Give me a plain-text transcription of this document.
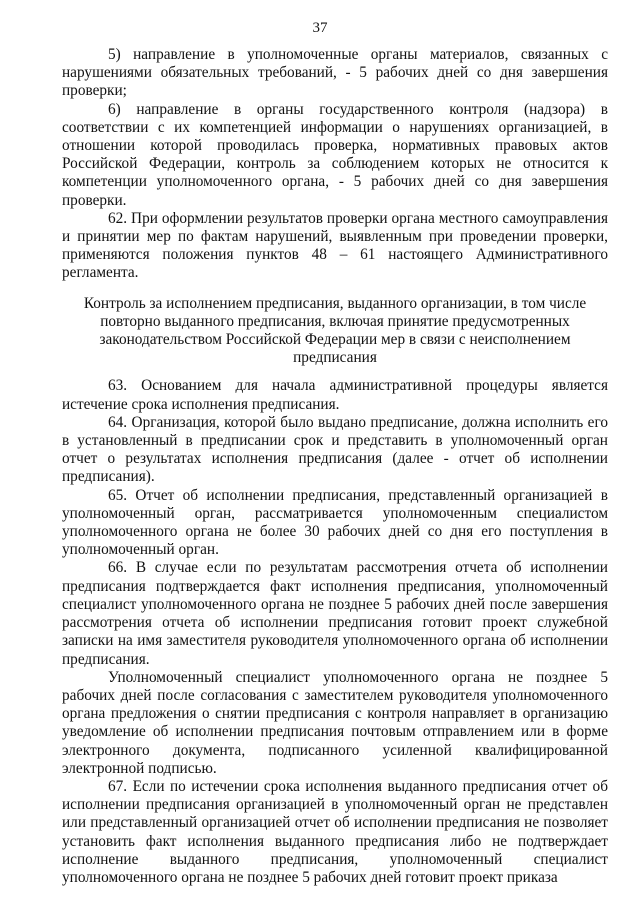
37

5) направление в уполномоченные органы материалов, связанных с нарушениями обязательных требований, - 5 рабочих дней со дня завершения проверки;

6) направление в органы государственного контроля (надзора) в соответствии с их компетенцией информации о нарушениях организацией, в отношении которой проводилась проверка, нормативных правовых актов Российской Федерации, контроль за соблюдением которых не относится к компетенции уполномоченного органа, - 5 рабочих дней со дня завершения проверки.

62. При оформлении результатов проверки органа местного самоуправления и принятии мер по фактам нарушений, выявленным при проведении проверки, применяются положения пунктов 48 – 61 настоящего Административного регламента.

Контроль за исполнением предписания, выданного организации, в том числе повторно выданного предписания, включая принятие предусмотренных законодательством Российской Федерации мер в связи с неисполнением предписания

63. Основанием для начала административной процедуры является истечение срока исполнения предписания.

64. Организация, которой было выдано предписание, должна исполнить его в установленный в предписании срок и представить в уполномоченный орган отчет о результатах исполнения предписания (далее - отчет об исполнении предписания).

65. Отчет об исполнении предписания, представленный организацией в уполномоченный орган, рассматривается уполномоченным специалистом уполномоченного органа не более 30 рабочих дней со дня его поступления в уполномоченный орган.

66. В случае если по результатам рассмотрения отчета об исполнении предписания подтверждается факт исполнения предписания, уполномоченный специалист уполномоченного органа не позднее 5 рабочих дней после завершения рассмотрения отчета об исполнении предписания готовит проект служебной записки на имя заместителя руководителя уполномоченного органа об исполнении предписания.

Уполномоченный специалист уполномоченного органа не позднее 5 рабочих дней после согласования с заместителем руководителя уполномоченного органа предложения о снятии предписания с контроля направляет в организацию уведомление об исполнении предписания почтовым отправлением или в форме электронного документа, подписанного усиленной квалифицированной электронной подписью.

67. Если по истечении срока исполнения выданного предписания отчет об исполнении предписания организацией в уполномоченный орган не представлен или представленный организацией отчет об исполнении предписания не позволяет установить факт исполнения выданного предписания либо не подтверждает исполнение выданного предписания, уполномоченный специалист уполномоченного органа не позднее 5 рабочих дней готовит проект приказа
